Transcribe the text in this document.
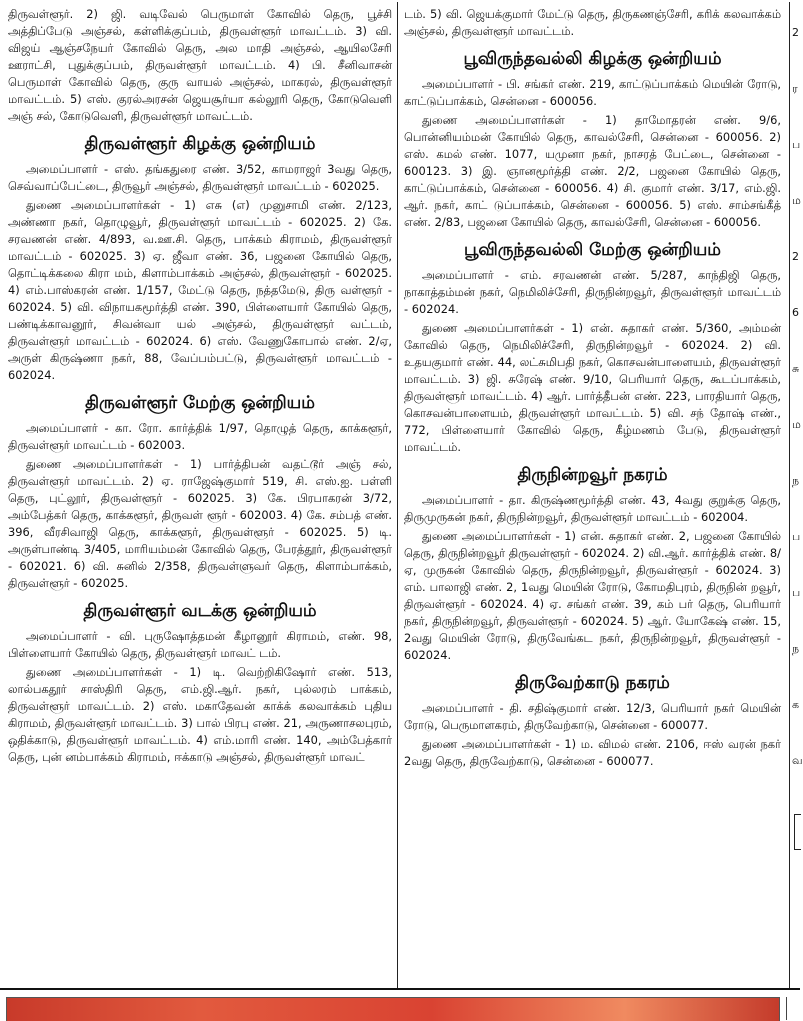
திருவள்ளூர். 2) ஜி. வடிவேல் பெருமாள் கோவில் தெரு, பூச்சி அத்திப்பேடு அஞ்சல், கள்ளிக்குப்பம், திருவள்ளூர் மாவட்டம். 3) வி. விஜய் ஆஞ்சநேயர் கோவில் தெரு, அல மாதி அஞ்சல், ஆயிலசேரி ஊராட்சி, புதுக்குப்பம், திருவள்ளூர் மாவட்டம். 4) பி. சீனிவாசன் பெருமாள் கோவில் தெரு, குரு வாயல் அஞ்சல், மாகரல், திருவள்ளூர் மாவட்டம். 5) எஸ். குரல்அரசன் ஜெயசூர்யா கல்லூரி தெரு, கோடுவெளி அஞ் சல், கோடுவெளி, திருவள்ளூர் மாவட்டம்.

திருவள்ளூர் கிழக்கு ஒன்றியம்

அமைப்பாளர் - எஸ். தங்கதுரை எண். 3/52, காமராஜர் 3வது தெரு, செவ்வாப்பேட்டை, திருவூர் அஞ்சல், திருவள்ளூர் மாவட்டம் - 602025.

துணை அமைப்பாளர்கள் - 1) எசு (எ) முனுசாமி எண். 2/123, அண்ணா நகர், தொழுவூர், திருவள்ளூர் மாவட்டம் - 602025. 2) கே. சரவணன் எண். 4/893, வ.ஊ.சி. தெரு, பாக்கம் கிராமம், திருவள்ளூர் மாவட்டம் - 602025. 3) ஏ. ஜீவா எண். 36, பஜனை கோயில் தெரு, தொட்டிக்கலை கிரா மம், கிளாம்பாக்கம் அஞ்சல், திருவள்ளூர் - 602025. 4) எம்.பாஸ்கரன் எண். 1/157, மேட்டு தெரு, நத்தமேடு, திரு வள்ளூர் - 602024. 5) வி. விநாயகமூர்த்தி எண். 390, பிள்ளையார் கோயில் தெரு, பண்டிக்காவனூர், சிவன்வா யல் அஞ்சல், திருவள்ளூர் வட்டம், திருவள்ளூர் மாவட்டம் - 602024. 6) எஸ். வேணுகோபால் எண். 2/ஏ, அருள் கிருஷ்ணா நகர், 88, வேப்பம்பட்டு, திருவள்ளூர் மாவட்டம் - 602024.

திருவள்ளூர் மேற்கு ஒன்றியம்

அமைப்பாளர் - கா. ரோ. கார்த்திக் 1/97, தொழுத் தெரு, காக்களூர், திருவள்ளூர் மாவட்டம் - 602003.

துணை அமைப்பாளர்கள் - 1) பார்த்திபன் வதட்டூர் அஞ் சல், திருவள்ளூர் மாவட்டம். 2) ஏ. ராஜேஷ்குமார் 519, சி. எஸ்.ஐ. பள்ளி தெரு, புட்லூர், திருவள்ளூர் - 602025. 3) கே. பிரபாகரன் 3/72, அம்பேத்கர் தெரு, காக்களூர், திருவள் ளூர் - 602003. 4) கே. சம்பத் எண். 396, வீரசிவாஜி தெரு, காக்களூர், திருவள்ளூர் - 602025. 5) டி. அருள்பாண்டி 3/405, மாரியம்மன் கோவில் தெரு, பேரத்தூர், திருவள்ளூர் - 602021. 6) வி. சுனில் 2/358, திருவள்ளுவர் தெரு, கிளாம்பாக்கம், திருவள்ளூர் - 602025.

திருவள்ளூர் வடக்கு ஒன்றியம்

அமைப்பாளர் - வி. புருஷோத்தமன் கீழானூர் கிராமம், எண். 98, பிள்ளையார் கோயில் தெரு, திருவள்ளூர் மாவட் டம்.

துணை அமைப்பாளர்கள் - 1) டி. வெற்றிகிஷோர் எண். 513, லால்பகதூர் சாஸ்திரி தெரு, எம்.ஜி.ஆர். நகர், புல்லரம் பாக்கம், திருவள்ளூர் மாவட்டம். 2) எஸ். மகாதேவன் காக்க் கலவாக்கம் புதிய கிராமம், திருவள்ளூர் மாவட்டம். 3) பால் பிரபு எண். 21, அருணாசலபுரம், ஒதிக்காடு, திருவள்ளூர் மாவட்டம். 4) எம்.மாரி எண். 140, அம்பேத்கார் தெரு, புன் னம்பாக்கம் கிராமம், ஈக்காடு அஞ்சல், திருவள்ளூர் மாவட்

டம். 5) வி. ஜெயக்குமார் மேட்டு தெரு, திருகணஞ்சேரி, கரிக் கலவாக்கம் அஞ்சல், திருவள்ளூர் மாவட்டம்.

பூவிருந்தவல்லி கிழக்கு ஒன்றியம்

அமைப்பாளர் - பி. சங்கர் எண். 219, காட்டுப்பாக்கம் மெயின் ரோடு, காட்டுப்பாக்கம், சென்னை - 600056.

துணை அமைப்பாளர்கள் - 1) தாமோதரன் எண். 9/6, பொன்னியம்மன் கோயில் தெரு, காவல்சேரி, சென்னை - 600056. 2) எஸ். கமல் எண். 1077, யமுனா நகர், நாசரத் பேட்டை, சென்னை - 600123. 3) இ. ஞானமூர்த்தி எண். 2/2, பஜனை கோயில் தெரு, காட்டுப்பாக்கம், சென்னை - 600056. 4) சி. குமார் எண். 3/17, எம்.ஜி. ஆர். நகர், காட் டுப்பாக்கம், சென்னை - 600056. 5) எஸ். சாம்சங்கீத் எண். 2/83, பஜனை கோயில் தெரு, காவல்சேரி, சென்னை - 600056.

பூவிருந்தவல்லி மேற்கு ஒன்றியம்

அமைப்பாளர் - எம். சரவணன் எண். 5/287, காந்திஜி தெரு, நாகாத்தம்மன் நகர், நெமிலிச்சேரி, திருநின்றவூர், திருவள்ளூர் மாவட்டம் - 602024.

துணை அமைப்பாளர்கள் - 1) என். சுதாகர் எண். 5/360, அம்மன் கோவில் தெரு, நெமிலிச்சேரி, திருநின்றவூர் - 602024. 2) வி. உதயகுமார் எண். 44, லட்சுமிபதி நகர், கொசவன்பாளையம், திருவள்ளூர் மாவட்டம். 3) ஜி. சுரேஷ் எண். 9/10, பெரியார் தெரு, கூடப்பாக்கம், திருவள்ளூர் மாவட்டம். 4) ஆர். பார்த்தீபன் எண். 223, பாரதியார் தெரு, கொசவன்பாளையம், திருவள்ளூர் மாவட்டம். 5) வி. சந் தோஷ் எண்., 772, பிள்ளையார் கோவில் தெரு, கீழ்மணம் பேடு, திருவள்ளூர் மாவட்டம்.

திருநின்றவூர் நகரம்

அமைப்பாளர் - தா. கிருஷ்ணமூர்த்தி எண். 43, 4வது குறுக்கு தெரு, திருமுருகன் நகர், திருநின்றவூர், திருவள்ளூர் மாவட்டம் - 602004.

துணை அமைப்பாளர்கள் - 1) என். சுதாகர் எண். 2, பஜனை கோயில் தெரு, திருநின்றவூர் திருவள்ளூர் - 602024. 2) வி.ஆர். கார்த்திக் எண். 8/ஏ, முருகன் கோவில் தெரு, திருநின்றவூர், திருவள்ளூர் - 602024. 3) எம். பாலாஜி எண். 2, 1வது மெயின் ரோடு, கோமதிபுரம், திருநின் றவூர், திருவள்ளூர் - 602024. 4) ஏ. சங்கர் எண். 39, கம் பர் தெரு, பெரியார் நகர், திருநின்றவூர், திருவள்ளூர் - 602024. 5) ஆர். யோகேஷ் எண். 15, 2வது மெயின் ரோடு, திருவேங்கட நகர், திருநின்றவூர், திருவள்ளூர் - 602024.

திருவேற்காடு நகரம்

அமைப்பாளர் - தி. சதிஷ்குமார் எண். 12/3, பெரியார் நகர் மெயின் ரோடு, பெருமாளகரம், திருவேற்காடு, சென்னை - 600077.

துணை அமைப்பாளர்கள் - 1) ம. விமல் எண். 2106, ஈஸ் வரன் நகர் 2வது தெரு, திருவேற்காடு, சென்னை - 600077.

2
ர
ப
ம
2
6
சு
ம
ந
ப
ப
ந
க
வ
